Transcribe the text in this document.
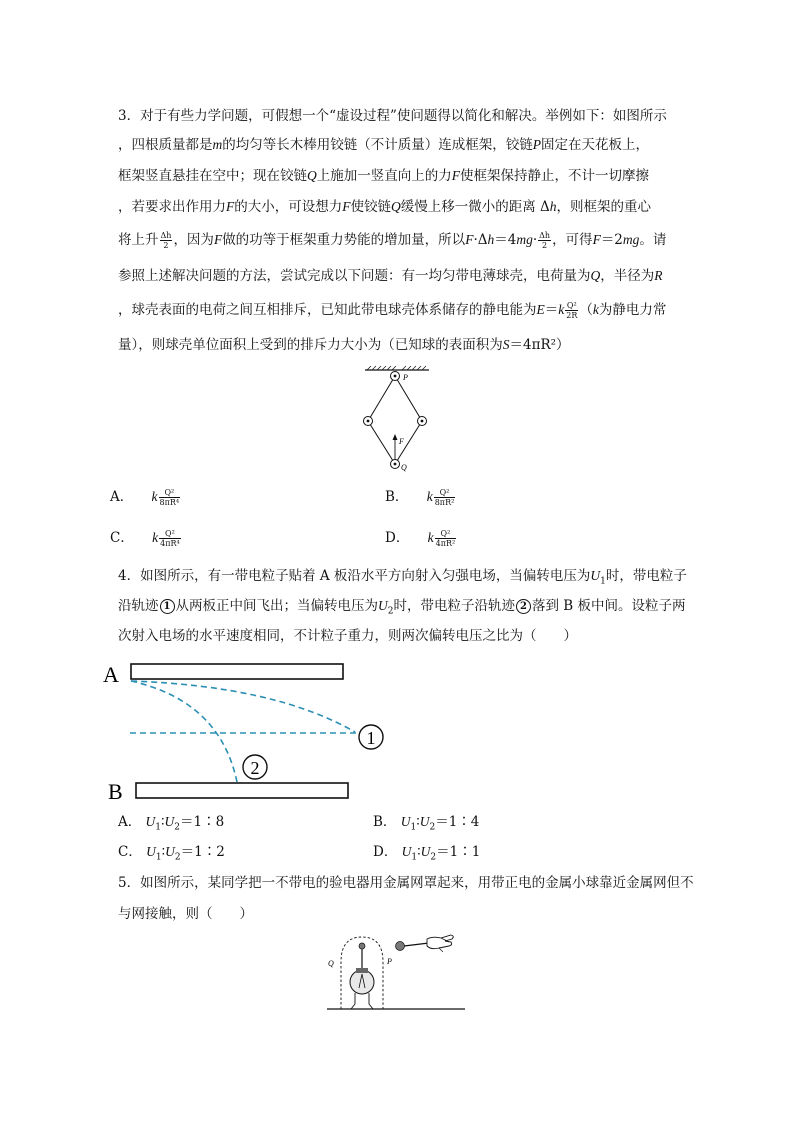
3．对于有些力学问题，可假想一个“虚设过程”使问题得以简化和解决。举例如下：如图所示
，四根质量都是m的均匀等长木棒用铰链（不计质量）连成框架，铰链P固定在天花板上，
框架竖直悬挂在空中；现在铰链Q上施加一竖直向上的力F使框架保持静止，不计一切摩擦
，若要求出作用力F的大小，可设想力F使铰链Q缓慢上移一微小的距离 Δh，则框架的重心
将上升 $\frac{\Delta h}{2}$ ，因为F做的功等于框架重力势能的增加量，所以$F\cdot\Delta h=4mg\cdot \frac{\Delta h}{2}$ ，可得F＝2mg。请
参照上述解决问题的方法，尝试完成以下问题：有一均匀带电薄球壳，电荷量为Q，半径为R
，球壳表面的电荷之间互相排斥，已知此带电球壳体系储存的静电能为$E=k \frac{\text{Q²}}{2R} (k$为静电力常
量），则球壳单位面积上受到的排斥力大小为（已知球的表面积为S＝4πR²）
P
F
Q
A． k $\frac{\text{Q²}}{\text{8πR⁴}}$	B． k $\frac{\text{Q²}}{\text{8πR²}}$
C． k $\frac{\text{Q²}}{\text{4πR⁴}}$	D． k $\frac{\text{Q²}}{\text{4πR²}}$
4．如图所示，有一带电粒子贴着 A 板沿水平方向射入匀强电场，当偏转电压为$U_1$时，带电粒子
沿轨迹 1 从两板正中间飞出；当偏转电压为$U_2$时，带电粒子沿轨迹 2 落到 B 板中间。设粒子两
次射入电场的水平速度相同，不计粒子重力，则两次偏转电压之比为（　　）
A
B
1
2
A． $U_1∶U_2=1∶8$	B． $U_1∶U_2=1∶4$
C． $U_1∶U_2=1∶2$	D． $U_1∶U_2=1∶1$
5．如图所示，某同学把一不带电的验电器用金属网罩起来，用带正电的金属小球靠近金属网但不
与网接触，则（　　）
Q	P
